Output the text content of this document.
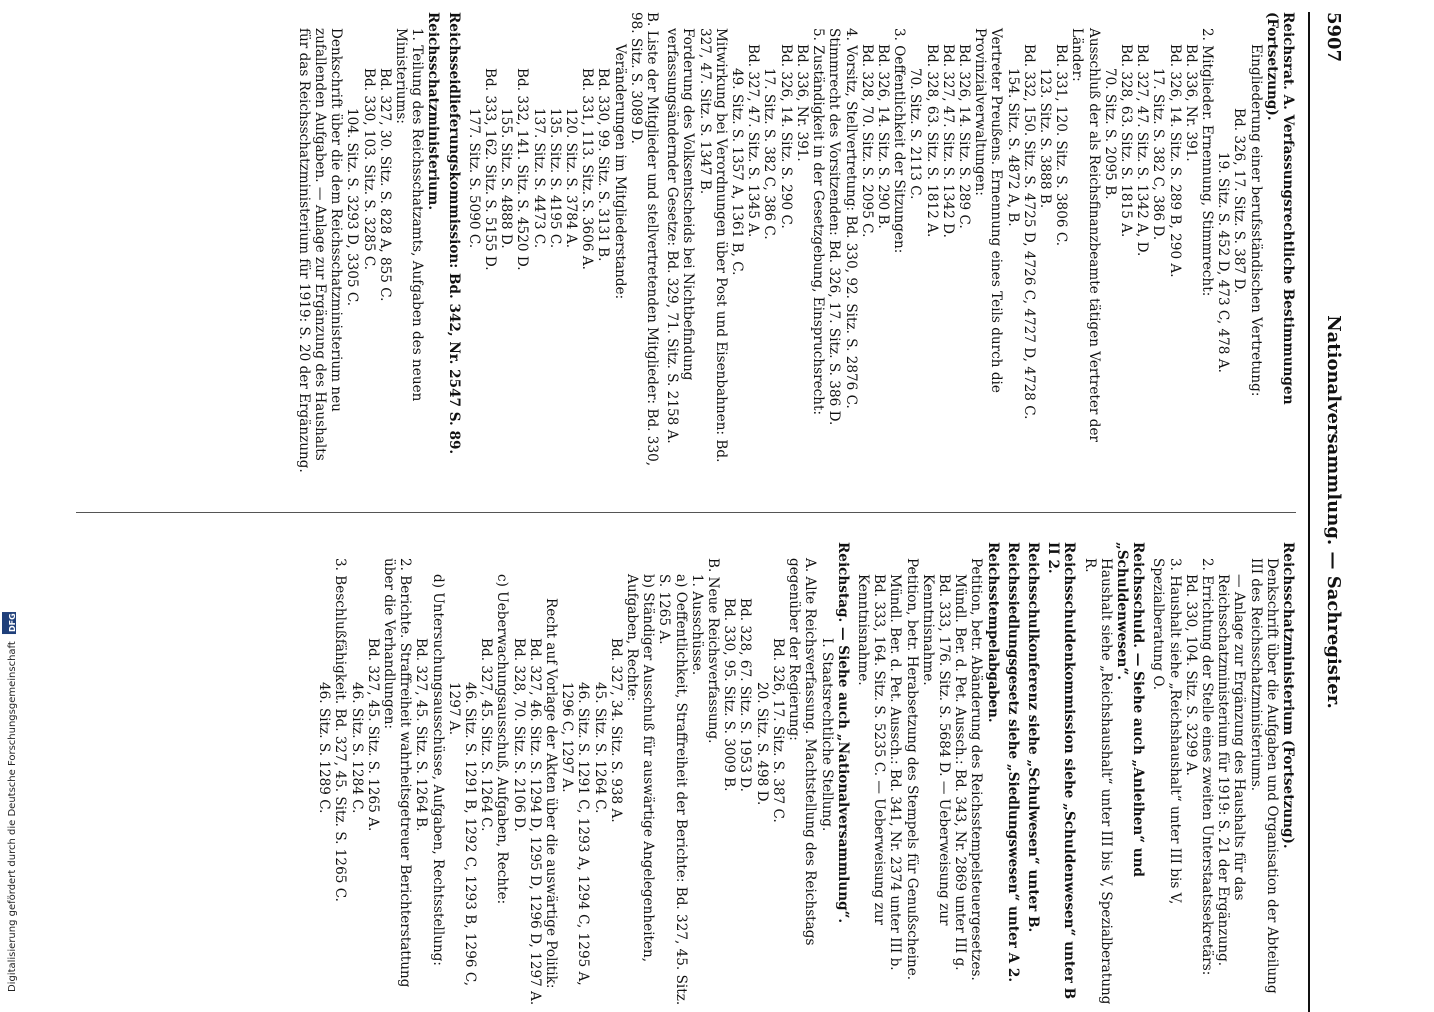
5907
Nationalversammlung. — Sachregister.

Reichsrat. A. Verfassungsrechtliche Bestimmungen (Fortsetzung).

Eingliederung einer berufsständischen Vertretung:

Bd. 326, 17. Sitz. S. 387 D.

19. Sitz. S. 452 D, 473 C, 478 A.

2. Mitglieder. Ernennung, Stimmrecht:

Bd. 336, Nr. 391.

Bd. 326, 14. Sitz. S. 289 B, 290 A.

17. Sitz. S. 382 C, 386 D.

Bd. 327, 47. Sitz. S. 1342 A, D.

Bd. 328, 63. Sitz. S. 1815 A.

70. Sitz. S. 2095 B.

Ausschluß der als Reichsfinanzbeamte tätigen Vertreter der Länder:

Bd. 331, 120. Sitz. S. 3806 C.

123. Sitz. S. 3888 B.

Bd. 332, 150. Sitz. S. 4725 D, 4726 C, 4727 D, 4728 C.

154. Sitz. S. 4872 A, B.

Vertreter Preußens. Ernennung eines Teils durch die Provinzialverwaltungen:

Bd. 326, 14. Sitz. S. 289 C.

Bd. 327, 47. Sitz. S. 1342 D.

Bd. 328, 63. Sitz. S. 1812 A.

70. Sitz. S. 2113 C.

3. Oeffentlichkeit der Sitzungen:

Bd. 326, 14. Sitz. S. 290 B.

Bd. 328, 70. Sitz. S. 2095 C.

4. Vorsitz, Stellvertretung: Bd. 330, 92. Sitz. S. 2876 C. Stimmrecht des Vorsitzenden: Bd. 326, 17. Sitz. S. 386 D.

5. Zuständigkeit in der Gesetzgebung, Einspruchsrecht:

Bd. 336, Nr. 391.

Bd. 326, 14. Sitz. S. 290 C.

17. Sitz. S. 382 C, 386 C.

Bd. 327, 47. Sitz. S. 1345 A.

49. Sitz. S. 1357 A, 1361 B, C.

Mitwirkung bei Verordnungen über Post und Eisenbahnen: Bd. 327, 47. Sitz. S. 1347 B.

Forderung des Volksentscheids bei Nichtbefindung verfassungsändernder Gesetze: Bd. 329, 71. Sitz. S. 2158 A.

B. Liste der Mitglieder und stellvertretenden Mitglieder: Bd. 330, 98. Sitz. S. 3089 D.

Veränderungen im Mitgliederstande:

Bd. 330, 99. Sitz. S. 3131 B.

Bd. 331, 113. Sitz. S. 3606 A.

120. Sitz. S. 3784 A.

135. Sitz. S. 4195 C.

137. Sitz. S. 4473 C.

Bd. 332, 141. Sitz. S. 4520 D.

155. Sitz. S. 4888 D.

Bd. 333, 162. Sitz. S. 5155 D.

177. Sitz. S. 5090 C.

Reichsseidlieferungskommission: Bd. 342, Nr. 2547 S. 89.

Reichsschatzministerium.

1. Teilung des Reichsschatzamts, Aufgaben des neuen Ministeriums:

Bd. 327, 30. Sitz. S. 828 A, 855 C.

Bd. 330, 103. Sitz. S. 3285 C.

104. Sitz. S. 3293 D, 3305 C.

Denkschrift über die dem Reichsschatzministerium neu zufallenden Aufgaben. — Anlage zur Ergänzung des Haushalts für das Reichsschatzministerium für 1919: S. 20 der Ergänzung.

Reichsschatzministerium (Fortsetzung).

Denkschrift über die Aufgaben und Organisation der Abteilung III des Reichsschatzministeriums.

— Anlage zur Ergänzung des Haushalts für das Reichsschatzministerium für 1919: S. 21 der Ergänzung.

2. Errichtung der Stelle eines zweiten Unterstaatssekretärs:

Bd. 330, 104. Sitz. S. 3299 A.

3. Haushalt siehe „Reichshaushalt“ unter III bis V, Spezialberatung O.

Reichsschuld. — Siehe auch „Anleihen“ und „Schuldenwesen“.

Haushalt siehe „Reichshaushalt“ unter III bis V, Spezialberatung R.

Reichsschuldenkommission siehe „Schuldenwesen“ unter B II 2.

Reichsschulkonferenz siehe „Schulwesen“ unter B.

Reichssiedlungsgesetz siehe „Siedlungswesen“ unter A 2.

Reichsstempelabgaben.

Petition, betr. Abänderung des Reichsstempelsteuergesetzes.

Mündl. Ber. d. Pet. Aussch.: Bd. 343, Nr. 2869 unter III g.

Bd. 333, 176. Sitz. S. 5684 D. — Ueberweisung zur Kenntnisnahme.

Petition, betr. Herabsetzung des Stempels für Genußscheine.

Mündl. Ber. d. Pet. Aussch.: Bd. 341, Nr. 2374 unter III b.

Bd. 333, 164. Sitz. S. 5235 C. — Ueberweisung zur Kenntnisnahme.

Reichstag. — Siehe auch „Nationalversammlung“.

I. Staatsrechtliche Stellung.

A. Alte Reichsverfassung. Machtstellung des Reichstags gegenüber der Regierung:

Bd. 326, 17. Sitz. S. 387 C.

20. Sitz. S. 498 D.

Bd. 328, 67. Sitz. S. 1953 D.

Bd. 330, 95. Sitz. S. 3009 B.

B. Neue Reichsverfassung.

1. Ausschüsse.

a) Oeffentlichkeit, Straffreiheit der Berichte: Bd. 327, 45. Sitz. S. 1265 A.

b) Ständiger Ausschuß für auswärtige Angelegenheiten, Aufgaben, Rechte:

Bd. 327, 34. Sitz. S. 938 A.

45. Sitz. S. 1264 C.

46. Sitz. S. 1291 C, 1293 A, 1294 C, 1295 A, 1296 C, 1297 A.

Recht auf Vorlage der Akten über die auswärtige Politik:

Bd. 327, 46. Sitz. S. 1294 D, 1295 D, 1296 D, 1297 A.

Bd. 328, 70. Sitz. S. 2106 D.

c) Ueberwachungsausschuß, Aufgaben, Rechte:

Bd. 327, 45. Sitz. S. 1264 C.

46. Sitz. S. 1291 B, 1292 C, 1293 B, 1296 C, 1297 A.

d) Untersuchungsausschüsse, Aufgaben, Rechtsstellung:

Bd. 327, 45. Sitz. S. 1264 B.

2. Berichte. Straffreiheit wahrheitsgetreuer Berichterstattung über die Verhandlungen:

Bd. 327, 45. Sitz. S. 1265 A.

46. Sitz. S. 1284 C.

3. Beschlußfähigkeit. Bd. 327, 45. Sitz. S. 1265 C.

46. Sitz. S. 1289 C.

Digitalisierung gefördert durch die Deutsche Forschungsgemeinschaft DFG
